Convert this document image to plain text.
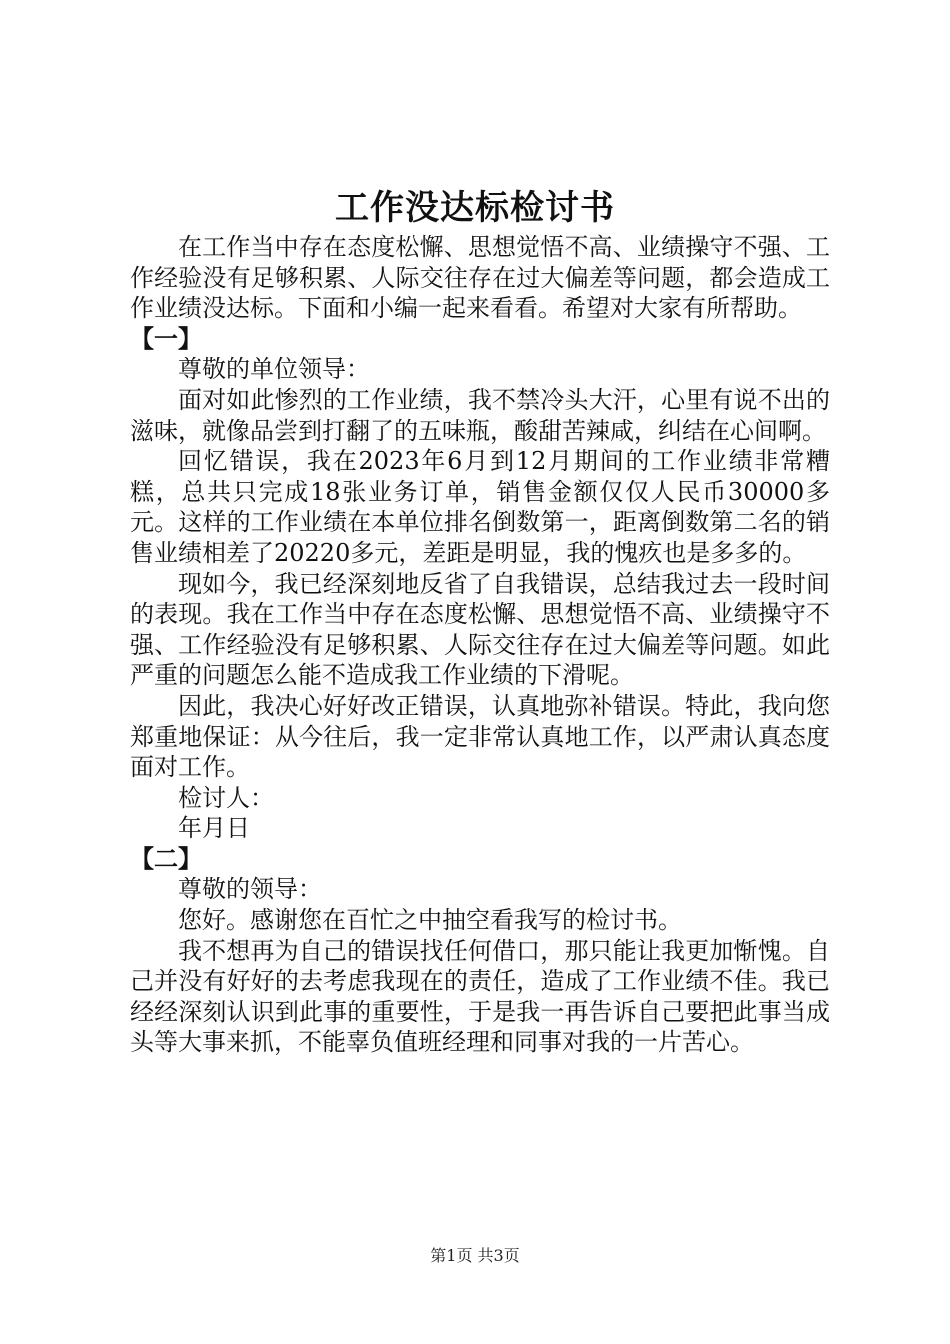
工作没达标检讨书

在工作当中存在态度松懈、思想觉悟不高、业绩操守不强、工作经验没有足够积累、人际交往存在过大偏差等问题，都会造成工作业绩没达标。下面和小编一起来看看。希望对大家有所帮助。

【一】

尊敬的单位领导：

面对如此惨烈的工作业绩，我不禁冷头大汗，心里有说不出的滋味，就像品尝到打翻了的五味瓶，酸甜苦辣咸，纠结在心间啊。

回忆错误，我在2023年6月到12月期间的工作业绩非常糟糕，总共只完成18张业务订单，销售金额仅仅人民币30000多元。这样的工作业绩在本单位排名倒数第一，距离倒数第二名的销售业绩相差了20220多元，差距是明显，我的愧疚也是多多的。

现如今，我已经深刻地反省了自我错误，总结我过去一段时间的表现。我在工作当中存在态度松懈、思想觉悟不高、业绩操守不强、工作经验没有足够积累、人际交往存在过大偏差等问题。如此严重的问题怎么能不造成我工作业绩的下滑呢。

因此，我决心好好改正错误，认真地弥补错误。特此，我向您郑重地保证：从今往后，我一定非常认真地工作，以严肃认真态度面对工作。

检讨人：

年月日

【二】

尊敬的领导：

您好。感谢您在百忙之中抽空看我写的检讨书。

我不想再为自己的错误找任何借口，那只能让我更加惭愧。自己并没有好好的去考虑我现在的责任，造成了工作业绩不佳。我已经经深刻认识到此事的重要性，于是我一再告诉自己要把此事当成头等大事来抓，不能辜负值班经理和同事对我的一片苦心。

第1页 共3页
